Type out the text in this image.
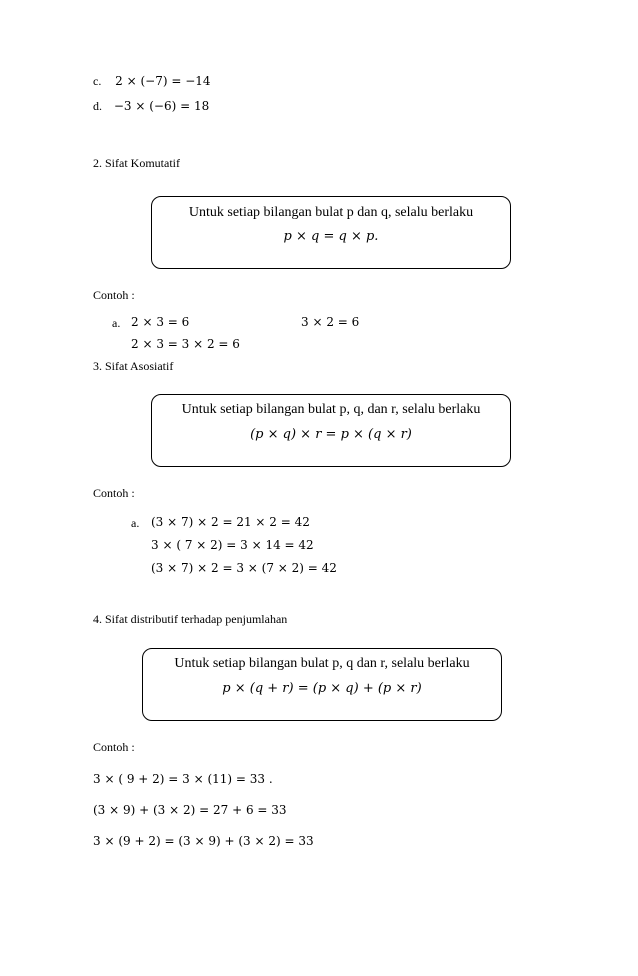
c. 2 × (−7) = −14
d. −3 × (−6) = 18
2. Sifat Komutatif
Untuk setiap bilangan bulat p dan q, selalu berlaku
p × q = q × p.
Contoh :
a. 2 × 3 = 6	3 × 2 = 6
2 × 3 = 3 × 2 = 6
3. Sifat Asosiatif
Untuk setiap bilangan bulat p, q, dan r, selalu berlaku
(p × q) × r = p × (q × r)
Contoh :
a. (3 × 7) × 2 = 21 × 2 = 42
3 × ( 7 × 2) = 3 × 14 = 42
(3 × 7) × 2 = 3 × (7 × 2) = 42
4. Sifat distributif terhadap penjumlahan
Untuk setiap bilangan bulat p, q dan r, selalu berlaku
p × (q + r) = (p × q) + (p × r)
Contoh :
3 × ( 9 + 2) = 3 × (11) = 33 .
(3 × 9) + (3 × 2) = 27 + 6 = 33
3 × (9 + 2) = (3 × 9) + (3 × 2) = 33
